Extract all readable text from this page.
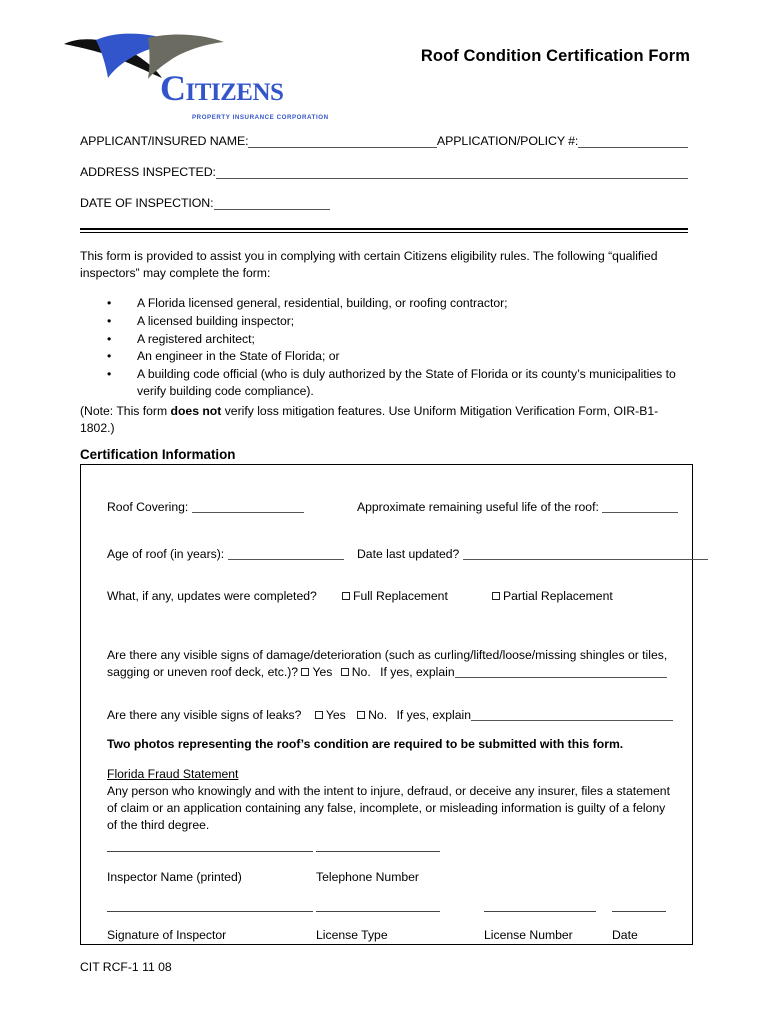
Citizens
PROPERTY INSURANCE CORPORATION
Roof Condition Certification Form
APPLICANT/INSURED NAME:	APPLICATION/POLICY #:
ADDRESS INSPECTED:
DATE OF INSPECTION:
This form is provided to assist you in complying with certain Citizens eligibility rules. The following “qualified inspectors” may complete the form:
• A Florida licensed general, residential, building, or roofing contractor;
• A licensed building inspector;
• A registered architect;
• An engineer in the State of Florida; or
• A building code official (who is duly authorized by the State of Florida or its county’s municipalities to verify building code compliance).
(Note: This form does not verify loss mitigation features. Use Uniform Mitigation Verification Form, OIR-B1-1802.)
Certification Information
Roof Covering:	Approximate remaining useful life of the roof:
Age of roof (in years):	Date last updated?
What, if any, updates were completed?	Full Replacement	Partial Replacement
Are there any visible signs of damage/deterioration (such as curling/lifted/loose/missing shingles or tiles, sagging or uneven roof deck, etc.)? Yes No. If yes, explain
Are there any visible signs of leaks? Yes No. If yes, explain
Two photos representing the roof’s condition are required to be submitted with this form.
Florida Fraud Statement
Any person who knowingly and with the intent to injure, defraud, or deceive any insurer, files a statement of claim or an application containing any false, incomplete, or misleading information is guilty of a felony of the third degree.
Inspector Name (printed)	Telephone Number
Signature of Inspector	License Type	License Number	Date
CIT RCF-1 11 08
